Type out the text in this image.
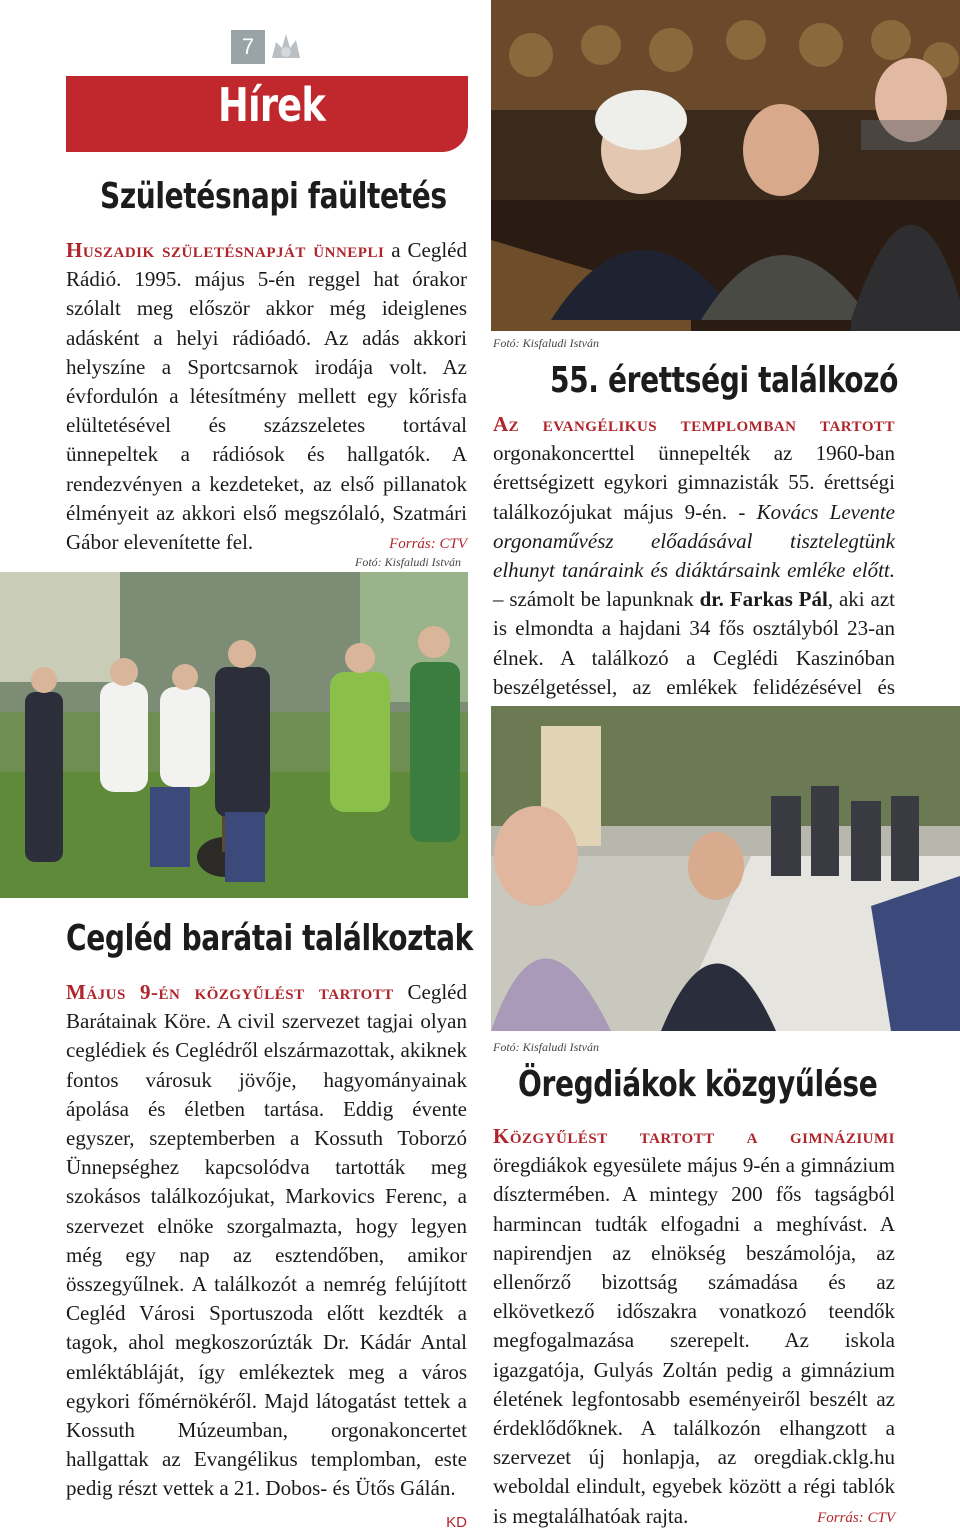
7
Hírek
Születésnapi faültetés
Huszadik születésnapját ünnepli a Cegléd Rádió. 1995. május 5-én reggel hat órakor szólalt meg először akkor még ideiglenes adásként a helyi rádióadó. Az adás akkori helyszíne a Sportcsarnok irodája volt. Az évfordulón a létesítmény mellett egy kőrisfa elültetésével és százszeletes tortával ünnepeltek a rádiósok és hallgatók. A rendezvényen a kezdeteket, az első pillanatok élményeit az akkori első megszólaló, Szatmári Gábor elevenítette fel.	Forrás: CTV
Fotó: Kisfaludi István
Cegléd barátai találkoztak
Május 9-én közgyűlést tartott Cegléd Barátainak Köre. A civil szervezet tagjai olyan ceglédiek és Ceglédről elszármazottak, akiknek fontos városuk jövője, hagyományainak ápolása és életben tartása. Eddig évente egyszer, szeptemberben a Kossuth Toborzó Ünnepséghez kapcsolódva tartották meg szokásos találkozójukat, Markovics Ferenc, a szervezet elnöke szorgalmazta, hogy legyen még egy nap az esztendőben, amikor összegyűlnek. A találkozót a nemrég felújított Cegléd Városi Sportuszoda előtt kezdték a tagok, ahol megkoszorúzták Dr. Kádár Antal emléktábláját, így emlékeztek meg a város egykori főmérnökéről. Majd látogatást tettek a Kossuth Múzeumban, orgonakoncertet hallgattak az Evangélikus templomban, este pedig részt vettek a 21. Dobos- és Ütős Gálán.
KD
Fotó: Kisfaludi István
55. érettségi találkozó
Az evangélikus templomban tartott orgonakoncerttel ünnepelték az 1960-ban érettségizett egykori gimnazisták 55. érettségi találkozójukat május 9-én. - Kovács Levente orgonaművész előadásával tisztelegtünk elhunyt tanáraink és diáktársaink emléke előtt. – számolt be lapunknak dr. Farkas Pál, aki azt is elmondta a hajdani 34 fős osztályból 23-an élnek. A találkozó a Ceglédi Kaszinóban beszélgetéssel, az emlékek felidézésével és
Fotó: Kisfaludi István
Öregdiákok közgyűlése
Közgyűlést tartott a gimnáziumi öregdiákok egyesülete május 9-én a gimnázium dísztermében. A mintegy 200 fős tagságból harmincan tudták elfogadni a meghívást. A napirendjen az elnökség beszámolója, az ellenőrző bizottság számadása és az elkövetkező időszakra vonatkozó teendők megfogalmazása szerepelt. Az iskola igazgatója, Gulyás Zoltán pedig a gimnázium életének legfontosabb eseményeiről beszélt az érdeklődőknek. A találkozón elhangzott a szervezet új honlapja, az oregdiak.cklg.hu weboldal elindult, egyebek között a régi tablók is megtalálhatóak rajta.	Forrás: CTV
